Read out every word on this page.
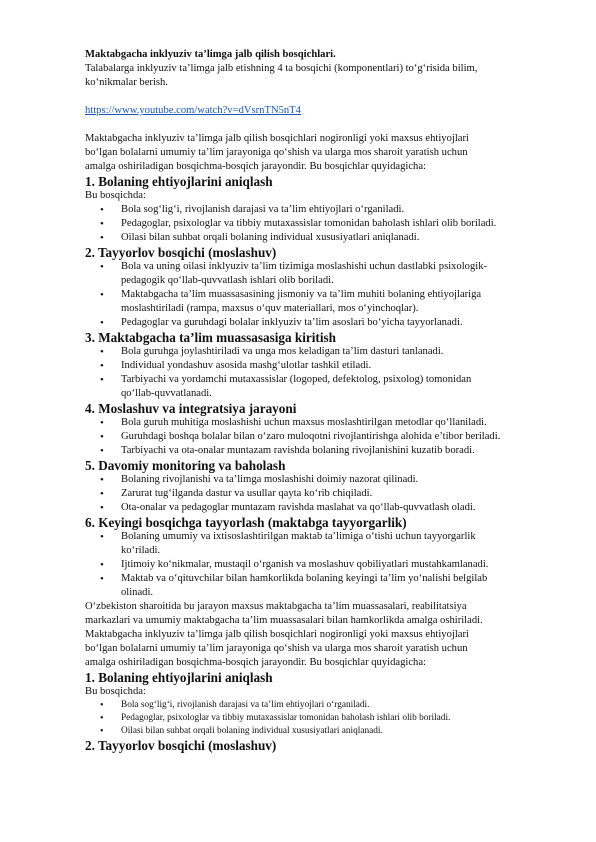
Maktabgacha inklyuziv ta’limga jalb qilish bosqichlari.

Talabalarga inklyuziv ta’limga jalb etishning 4 ta bosqichi (komponentlari) to‘g‘risida bilim,

ko‘nikmalar berish.

https://www.youtube.com/watch?v=dVsrnTN5nT4

Maktabgacha inklyuziv ta’limga jalb qilish bosqichlari nogironligi yoki maxsus ehtiyojlari

bo‘lgan bolalarni umumiy ta’lim jarayoniga qo‘shish va ularga mos sharoit yaratish uchun

amalga oshiriladigan bosqichma-bosqich jarayondir. Bu bosqichlar quyidagicha:

1. Bolaning ehtiyojlarini aniqlash

Bu bosqichda:

• Bola sog‘lig‘i, rivojlanish darajasi va ta’lim ehtiyojlari o‘rganiladi.
• Pedagoglar, psixologlar va tibbiy mutaxassislar tomonidan baholash ishlari olib boriladi.
• Oilasi bilan suhbat orqali bolaning individual xususiyatlari aniqlanadi.
2. Tayyorlov bosqichi (moslashuv)
• Bola va uning oilasi inklyuziv ta’lim tizimiga moslashishi uchun dastlabki psixologik-
pedagogik qo‘llab-quvvatlash ishlari olib boriladi.
• Maktabgacha ta’lim muassasasining jismoniy va ta’lim muhiti bolaning ehtiyojlariga
moslashtiriladi (rampa, maxsus o‘quv materiallari, mos o‘yinchoqlar).
• Pedagoglar va guruhdagi bolalar inklyuziv ta’lim asoslari bo‘yicha tayyorlanadi.
3. Maktabgacha ta’lim muassasasiga kiritish
• Bola guruhga joylashtiriladi va unga mos keladigan ta’lim dasturi tanlanadi.
• Individual yondashuv asosida mashg‘ulotlar tashkil etiladi.
• Tarbiyachi va yordamchi mutaxassislar (logoped, defektolog, psixolog) tomonidan
qo‘llab-quvvatlanadi.
4. Moslashuv va integratsiya jarayoni
• Bola guruh muhitiga moslashishi uchun maxsus moslashtirilgan metodlar qo‘llaniladi.
• Guruhdagi boshqa bolalar bilan o‘zaro muloqotni rivojlantirishga alohida e’tibor beriladi.
• Tarbiyachi va ota-onalar muntazam ravishda bolaning rivojlanishini kuzatib boradi.
5. Davomiy monitoring va baholash
• Bolaning rivojlanishi va ta’limga moslashishi doimiy nazorat qilinadi.
• Zarurat tug‘ilganda dastur va usullar qayta ko‘rib chiqiladi.
• Ota-onalar va pedagoglar muntazam ravishda maslahat va qo‘llab-quvvatlash oladi.
6. Keyingi bosqichga tayyorlash (maktabga tayyorgarlik)
• Bolaning umumiy va ixtisoslashtirilgan maktab ta’limiga o‘tishi uchun tayyorgarlik
ko‘riladi.
• Ijtimoiy ko‘nikmalar, mustaqil o‘rganish va moslashuv qobiliyatlari mustahkamlanadi.
• Maktab va o‘qituvchilar bilan hamkorlikda bolaning keyingi ta’lim yo‘nalishi belgilab
olinadi.

O‘zbekiston sharoitida bu jarayon maxsus maktabgacha ta’lim muassasalari, reabilitatsiya

markazlari va umumiy maktabgacha ta’lim muassasalari bilan hamkorlikda amalga oshiriladi.

Maktabgacha inklyuziv ta’limga jalb qilish bosqichlari nogironligi yoki maxsus ehtiyojlari

bo‘lgan bolalarni umumiy ta’lim jarayoniga qo‘shish va ularga mos sharoit yaratish uchun

amalga oshiriladigan bosqichma-bosqich jarayondir. Bu bosqichlar quyidagicha:

1. Bolaning ehtiyojlarini aniqlash

Bu bosqichda:

• Bola sog‘lig‘i, rivojlanish darajasi va ta’lim ehtiyojlari o‘rganiladi.
• Pedagoglar, psixologlar va tibbiy mutaxassislar tomonidan baholash ishlari olib boriladi.
• Oilasi bilan suhbat orqali bolaning individual xususiyatlari aniqlanadi.
2. Tayyorlov bosqichi (moslashuv)
